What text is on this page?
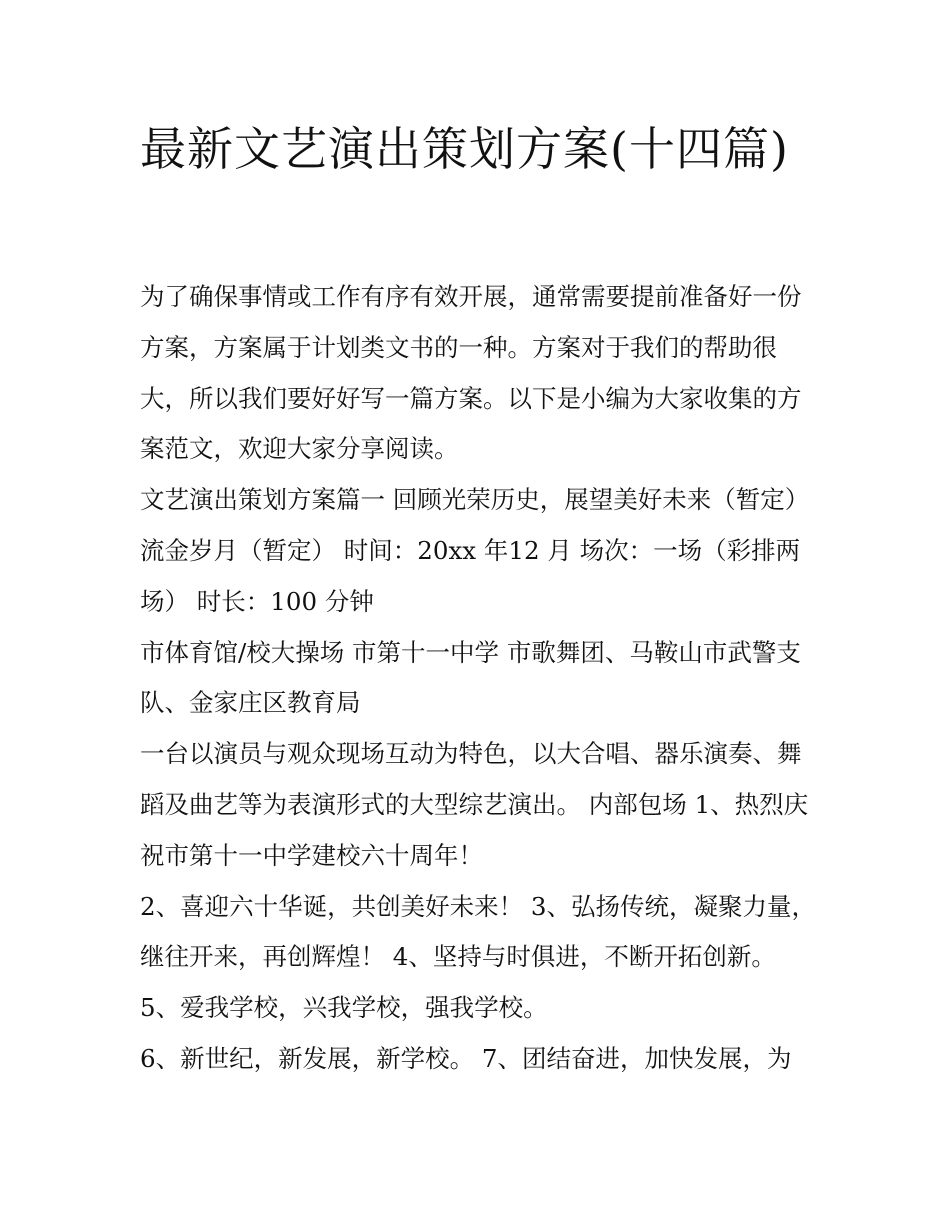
最新文艺演出策划方案(十四篇)

为了确保事情或工作有序有效开展，通常需要提前准备好一份方案，方案属于计划类文书的一种。方案对于我们的帮助很大，所以我们要好好写一篇方案。以下是小编为大家收集的方案范文，欢迎大家分享阅读。

文艺演出策划方案篇一 回顾光荣历史，展望美好未来（暂定） 流金岁月（暂定） 时间：20xx 年12 月 场次：一场（彩排两场） 时长：100 分钟

市体育馆/校大操场 市第十一中学 市歌舞团、马鞍山市武警支队、金家庄区教育局

一台以演员与观众现场互动为特色，以大合唱、器乐演奏、舞蹈及曲艺等为表演形式的大型综艺演出。 内部包场 1、热烈庆祝市第十一中学建校六十周年！

2、喜迎六十华诞，共创美好未来！ 3、弘扬传统，凝聚力量，继往开来，再创辉煌！ 4、坚持与时俱进，不断开拓创新。 5、爱我学校，兴我学校，强我学校。

6、新世纪，新发展，新学校。 7、团结奋进，加快发展，为
